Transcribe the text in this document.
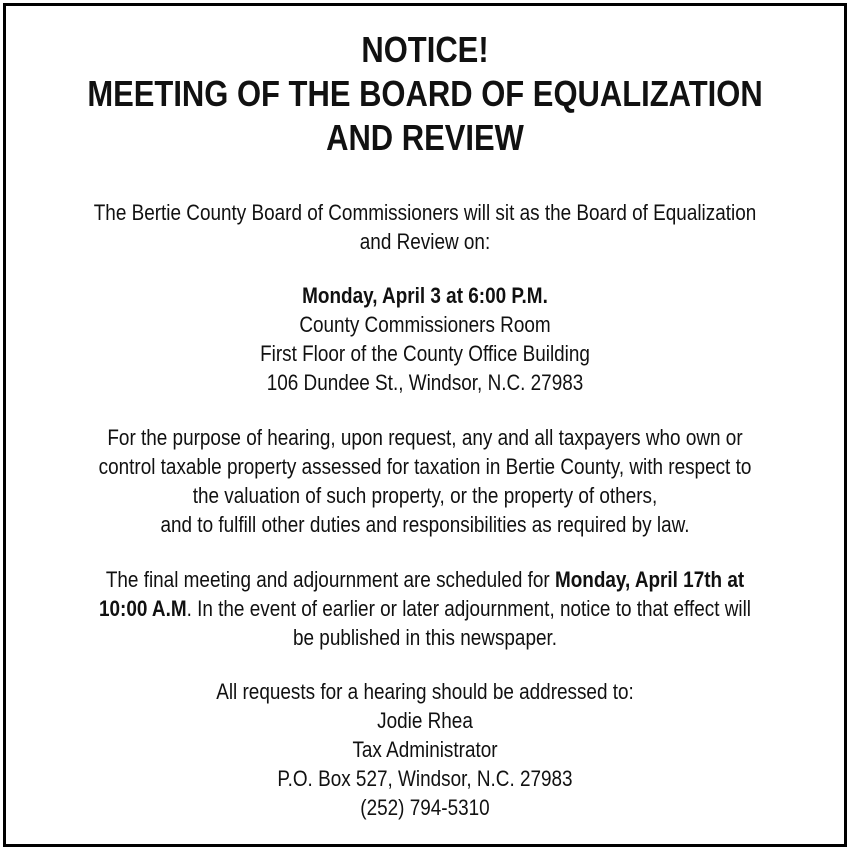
NOTICE!
MEETING OF THE BOARD OF EQUALIZATION
AND REVIEW
The Bertie County Board of Commissioners will sit as the Board of Equalization
and Review on:
Monday, April 3 at 6:00 P.M.
County Commissioners Room
First Floor of the County Office Building
106 Dundee St., Windsor, N.C. 27983
For the purpose of hearing, upon request, any and all taxpayers who own or
control taxable property assessed for taxation in Bertie County, with respect to
the valuation of such property, or the property of others,
and to fulfill other duties and responsibilities as required by law.
The final meeting and adjournment are scheduled for Monday, April 17th at
10:00 A.M. In the event of earlier or later adjournment, notice to that effect will
be published in this newspaper.
All requests for a hearing should be addressed to:
Jodie Rhea
Tax Administrator
P.O. Box 527, Windsor, N.C. 27983
(252) 794-5310
